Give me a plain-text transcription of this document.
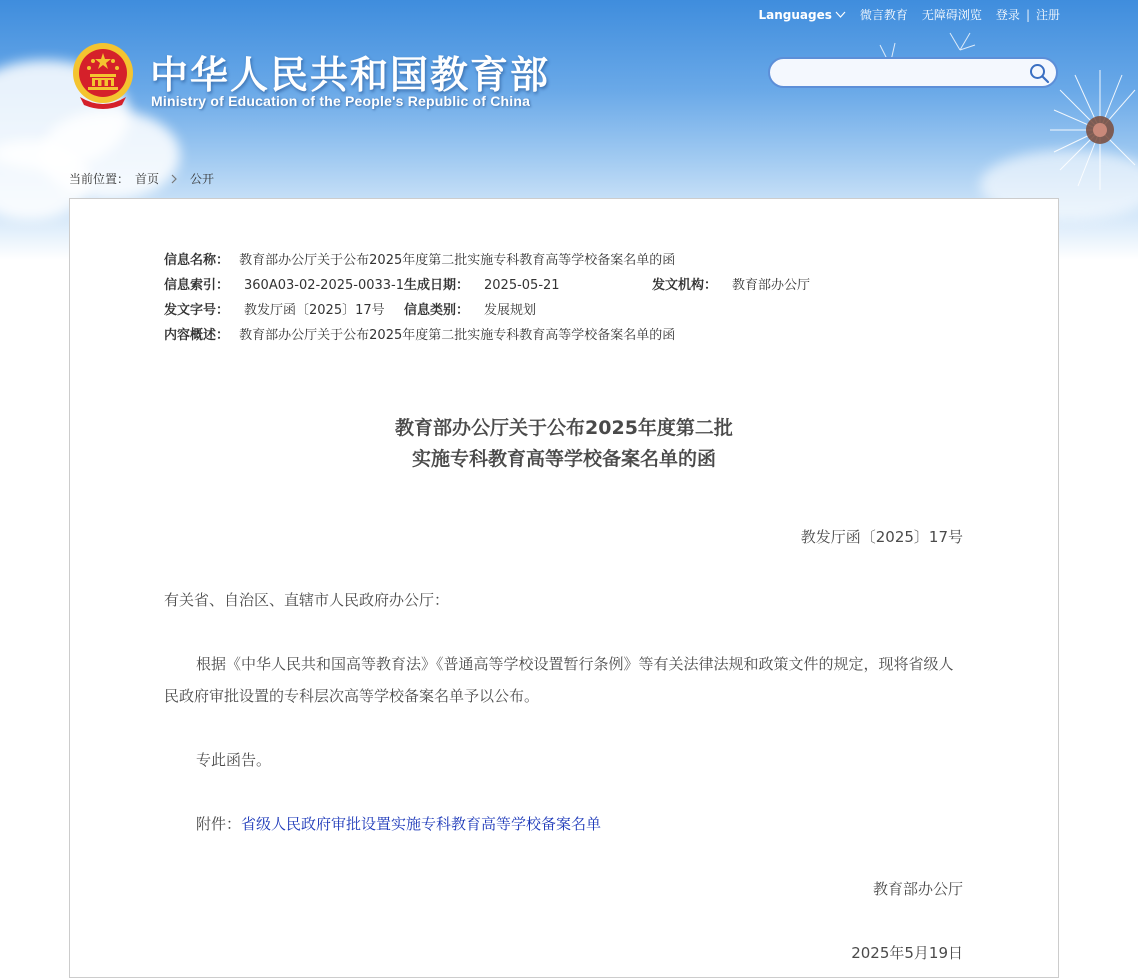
Languages 微言教育 无障碍浏览 登录 | 注册
中华人民共和国教育部
Ministry of Education of the People's Republic of China
当前位置： 首页	公开
信息名称： 教育部办公厅关于公布2025年度第二批实施专科教育高等学校备案名单的函
信息索引： 360A03-02-2025-0033-1 生成日期： 2025-05-21	发文机构： 教育部办公厅
发文字号： 教发厅函〔2025〕17号 信息类别： 发展规划
内容概述： 教育部办公厅关于公布2025年度第二批实施专科教育高等学校备案名单的函
教育部办公厅关于公布2025年度第二批
实施专科教育高等学校备案名单的函
教发厅函〔2025〕17号
有关省、自治区、直辖市人民政府办公厅：
根据《中华人民共和国高等教育法》《普通高等学校设置暂行条例》等有关法律法规和政策文件的规定，现将省级人民政府审批设置的专科层次高等学校备案名单予以公布。
专此函告。
附件：省级人民政府审批设置实施专科教育高等学校备案名单
教育部办公厅
2025年5月19日
